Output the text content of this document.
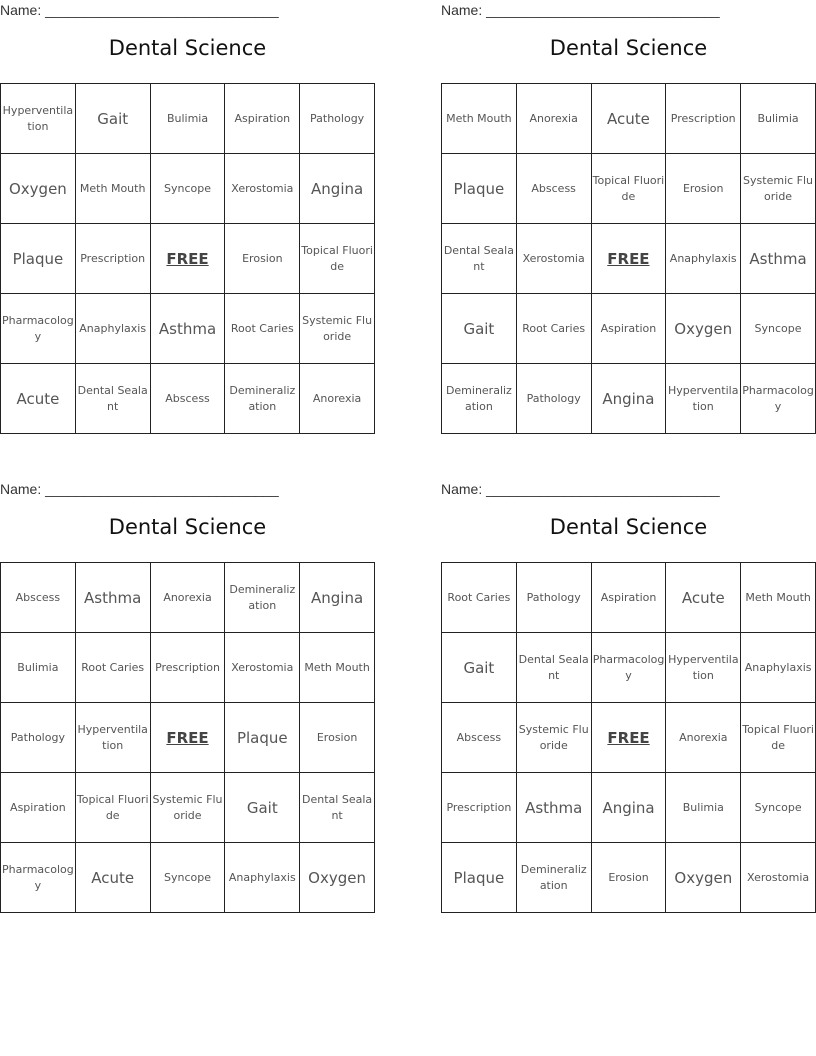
Name: ______________________________
Dental Science
Hyperventilation	Gait	Bulimia	Aspiration	Pathology
Oxygen	Meth Mouth	Syncope	Xerostomia	Angina
Plaque	Prescription	FREE	Erosion	Topical Fluoride
Pharmacology	Anaphylaxis	Asthma	Root Caries	Systemic Fluoride
Acute	Dental Sealant	Abscess	Demineralization	Anorexia
Name: ______________________________
Dental Science
Meth Mouth	Anorexia	Acute	Prescription	Bulimia
Plaque	Abscess	Topical Fluoride	Erosion	Systemic Fluoride
Dental Sealant	Xerostomia	FREE	Anaphylaxis	Asthma
Gait	Root Caries	Aspiration	Oxygen	Syncope
Demineralization	Pathology	Angina	Hyperventilation	Pharmacology
Name: ______________________________
Dental Science
Abscess	Asthma	Anorexia	Demineralization	Angina
Bulimia	Root Caries	Prescription	Xerostomia	Meth Mouth
Pathology	Hyperventilation	FREE	Plaque	Erosion
Aspiration	Topical Fluoride	Systemic Fluoride	Gait	Dental Sealant
Pharmacology	Acute	Syncope	Anaphylaxis	Oxygen
Name: ______________________________
Dental Science
Root Caries	Pathology	Aspiration	Acute	Meth Mouth
Gait	Dental Sealant	Pharmacology	Hyperventilation	Anaphylaxis
Abscess	Systemic Fluoride	FREE	Anorexia	Topical Fluoride
Prescription	Asthma	Angina	Bulimia	Syncope
Plaque	Demineralization	Erosion	Oxygen	Xerostomia
